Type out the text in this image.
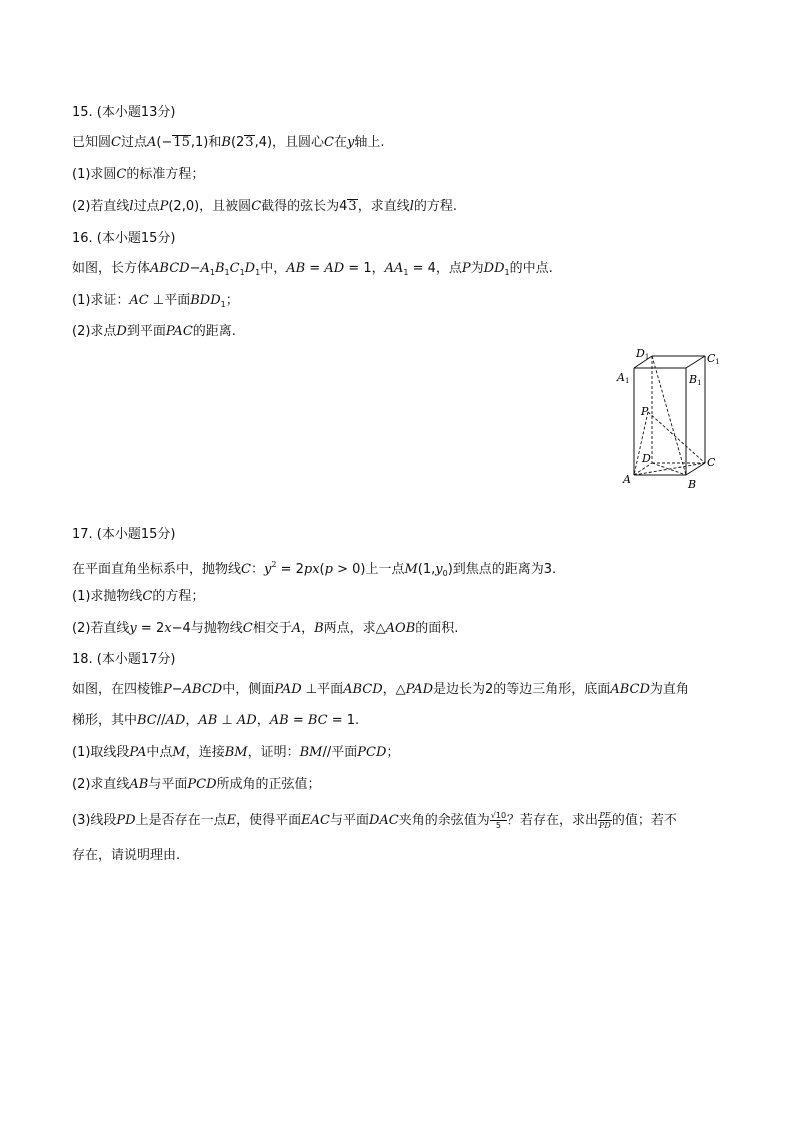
15. (本小题13分)
已知圆C过点A(−15,1)和B(23,4)，且圆心C在y轴上.
(1)求圆C的标准方程；
(2)若直线l过点P(2,0)，且被圆C截得的弦长为43，求直线l的方程.
16. (本小题15分)
如图，长方体$ABCD-A_1B_1C_1D_1$中，AB = AD = 1，$AA_1 = 4$，点P为$DD_1$的中点.
(1)求证：AC ⊥平面$BDD_1$；
(2)求点D到平面PAC的距离.
D1	C1
A1	B1
P
D	C
A	B
17. (本小题15分)
在平面直角坐标系中，抛物线C：$y^2 = 2px(p > 0)$上一点$M(1,y_0)$到焦点的距离为3.
(1)求抛物线C的方程；
(2)若直线y = 2x−4与抛物线C相交于A，B两点，求△AOB的面积.
18. (本小题17分)
如图，在四棱锥P−ABCD中，侧面PAD ⊥平面ABCD，△PAD是边长为2的等边三角形，底面ABCD为直角
梯形，其中BC//AD，AB ⊥ AD，AB = BC = 1.
(1)取线段PA中点M，连接BM，证明：BM//平面PCD；
(2)求直线AB与平面PCD所成角的正弦值；
(3)线段PD上是否存在一点E，使得平面EAC与平面DAC夹角的余弦值为 $\frac{√10}{5}$ ？若存在，求出 $\frac{PE}{PD}$ 的值；若不
存在，请说明理由.
